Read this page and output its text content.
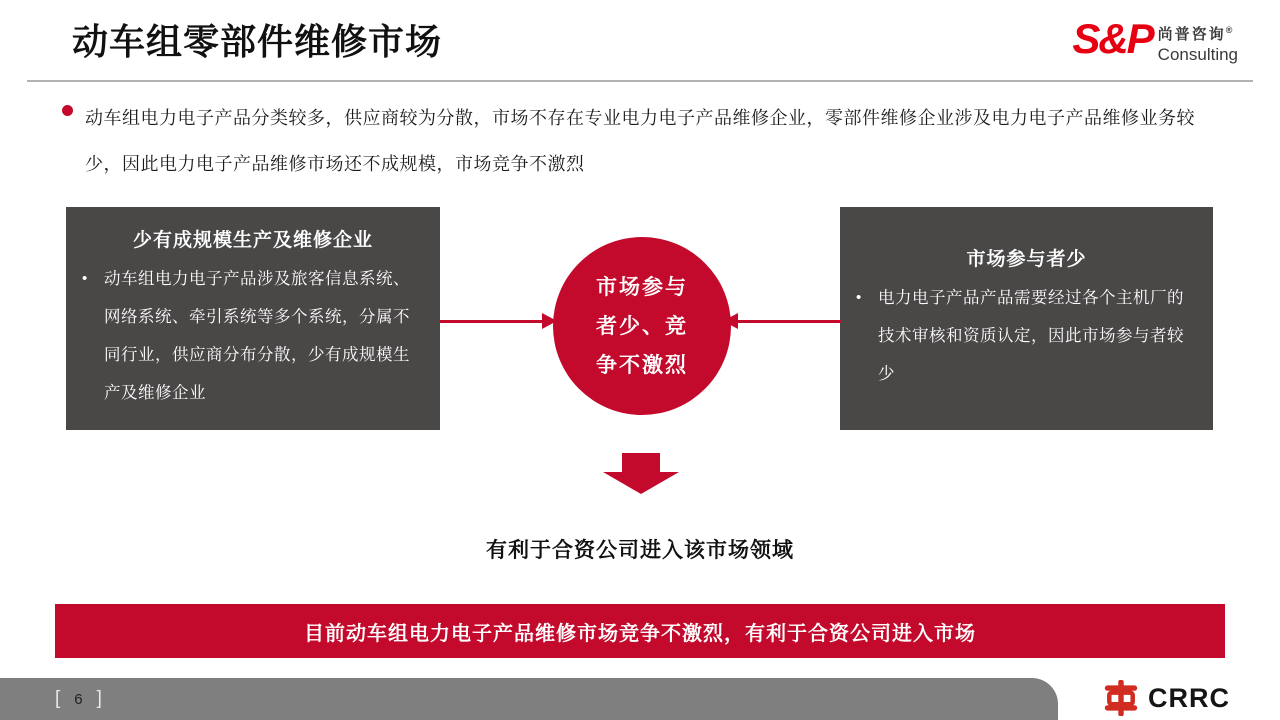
动车组零部件维修市场	S&P 尚普咨询®
Consulting
动车组电力电子产品分类较多，供应商较为分散，市场不存在专业电力电子产品维修企业，零部件维修企业涉及电力电子产品维修业务较少，因此电力电子产品维修市场还不成规模，市场竞争不激烈
少有成规模生产及维修企业
•	动车组电力电子产品涉及旅客信息系统、网络系统、牵引系统等多个系统，分属不同行业，供应商分布分散，少有成规模生产及维修企业
市场参与者少
•	电力电子产品产品需要经过各个主机厂的技术审核和资质认定，因此市场参与者较少
市场参与
者少、竞
争不激烈
有利于合资公司进入该市场领域
目前动车组电力电子产品维修市场竞争不激烈，有利于合资公司进入市场
[ 6 ]	CRRC
